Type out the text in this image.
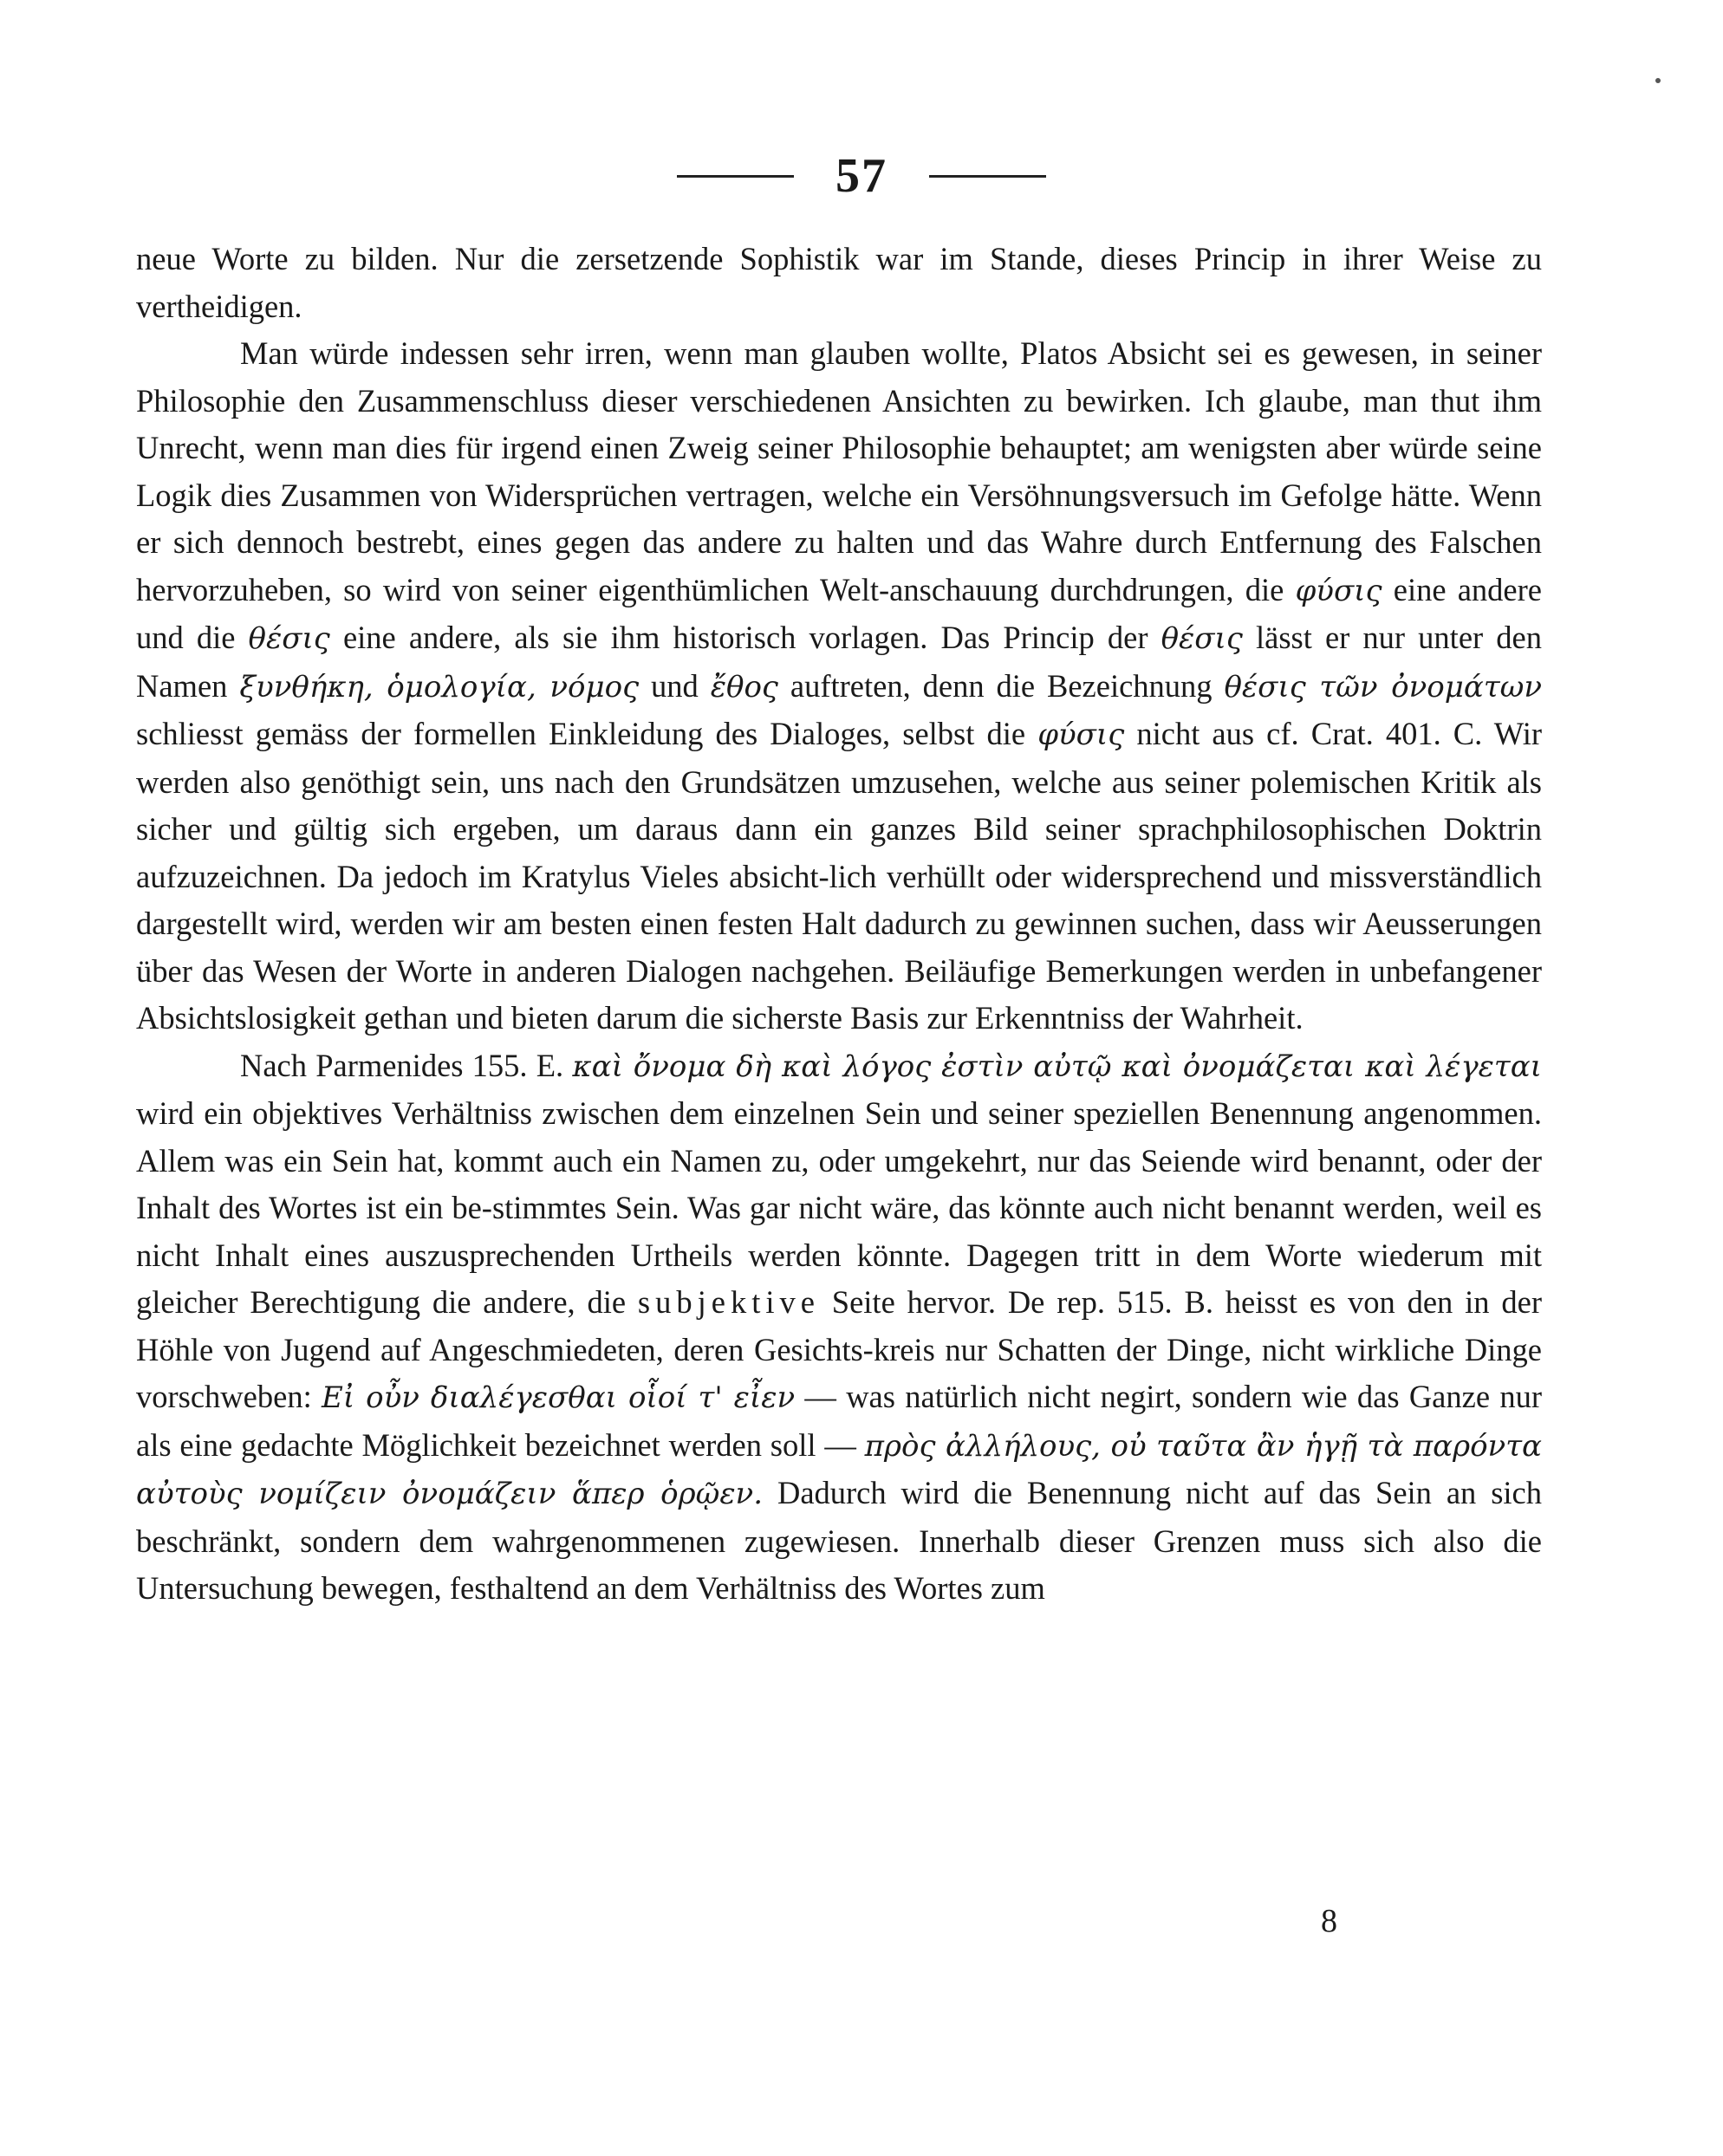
57

neue Worte zu bilden. Nur die zersetzende Sophistik war im Stande, dieses Princip in ihrer Weise zu vertheidigen.

Man würde indessen sehr irren, wenn man glauben wollte, Platos Absicht sei es gewesen, in seiner Philosophie den Zusammenschluss dieser verschiedenen Ansichten zu bewirken. Ich glaube, man thut ihm Unrecht, wenn man dies für irgend einen Zweig seiner Philosophie behauptet; am wenigsten aber würde seine Logik dies Zusammen von Widersprüchen vertragen, welche ein Versöhnungsversuch im Gefolge hätte. Wenn er sich dennoch bestrebt, eines gegen das andere zu halten und das Wahre durch Entfernung des Falschen hervorzuheben, so wird von seiner eigenthümlichen Welt-anschauung durchdrungen, die φύσις eine andere und die θέσις eine andere, als sie ihm historisch vorlagen. Das Princip der θέσις lässt er nur unter den Namen ξυνθήκη, ὁμολογία, νόμος und ἔθος auftreten, denn die Bezeichnung θέσις τῶν ὀνομάτων schliesst gemäss der formellen Einkleidung des Dialoges, selbst die φύσις nicht aus cf. Crat. 401. C. Wir werden also genöthigt sein, uns nach den Grundsätzen umzusehen, welche aus seiner polemischen Kritik als sicher und gültig sich ergeben, um daraus dann ein ganzes Bild seiner sprachphilosophischen Doktrin aufzuzeichnen. Da jedoch im Kratylus Vieles absicht-lich verhüllt oder widersprechend und missverständlich dargestellt wird, werden wir am besten einen festen Halt dadurch zu gewinnen suchen, dass wir Aeusserungen über das Wesen der Worte in anderen Dialogen nachgehen. Beiläufige Bemerkungen werden in unbefangener Absichtslosigkeit gethan und bieten darum die sicherste Basis zur Erkenntniss der Wahrheit.

Nach Parmenides 155. E. καὶ ὄνομα δὴ καὶ λόγος ἐστὶν αὐτῷ καὶ ὀνομάζεται καὶ λέγεται wird ein objektives Verhältniss zwischen dem einzelnen Sein und seiner speziellen Benennung angenommen. Allem was ein Sein hat, kommt auch ein Namen zu, oder umgekehrt, nur das Seiende wird benannt, oder der Inhalt des Wortes ist ein be-stimmtes Sein. Was gar nicht wäre, das könnte auch nicht benannt werden, weil es nicht Inhalt eines auszusprechenden Urtheils werden könnte. Dagegen tritt in dem Worte wiederum mit gleicher Berechtigung die andere, die subjektive Seite hervor. De rep. 515. B. heisst es von den in der Höhle von Jugend auf Angeschmiedeten, deren Gesichts-kreis nur Schatten der Dinge, nicht wirkliche Dinge vorschweben: Εἰ οὖν διαλέγεσθαι οἷοί τ' εἶεν — was natürlich nicht negirt, sondern wie das Ganze nur als eine gedachte Möglichkeit bezeichnet werden soll — πρὸς ἀλλήλους, οὐ ταῦτα ἂν ἡγῇ τὰ παρόντα αὐτοὺς νομίζειν ὀνομάζειν ἅπερ ὁρῷεν. Dadurch wird die Benennung nicht auf das Sein an sich beschränkt, sondern dem wahrgenommenen zugewiesen. Innerhalb dieser Grenzen muss sich also die Untersuchung bewegen, festhaltend an dem Verhältniss des Wortes zum

8
